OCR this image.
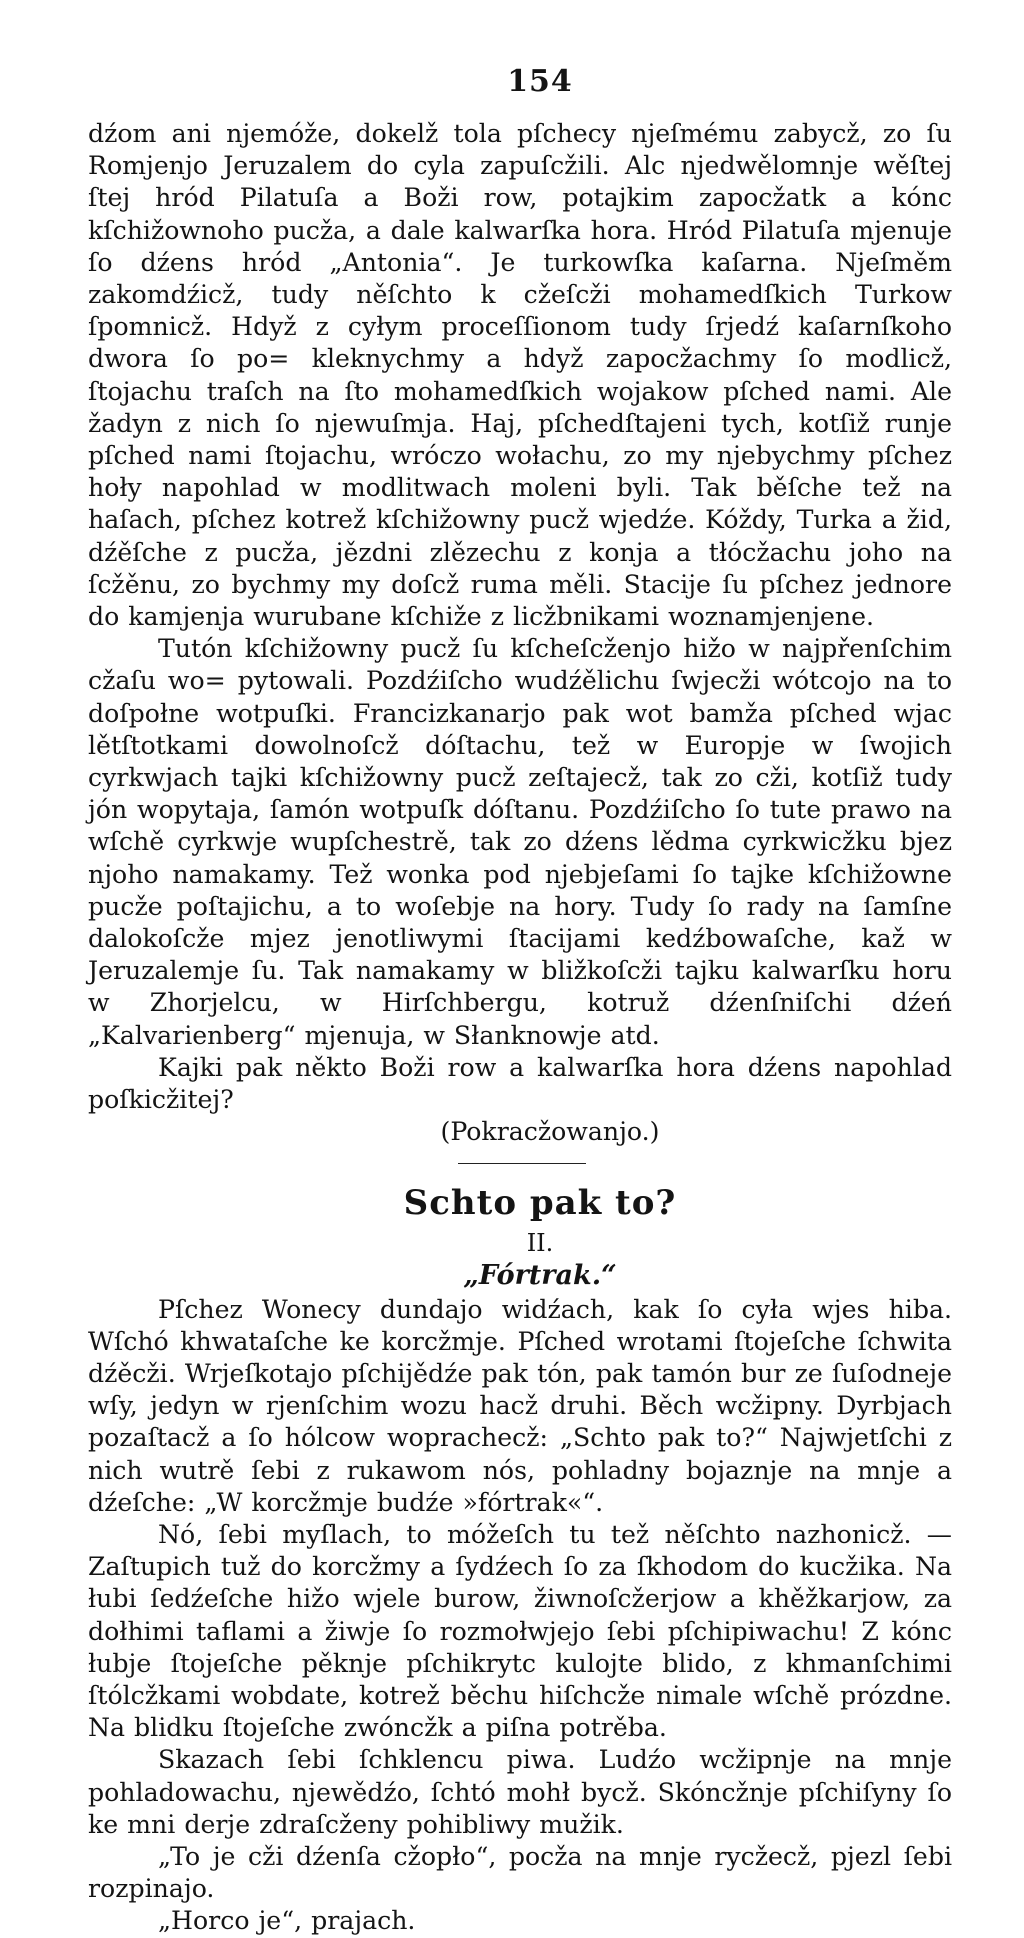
154

dźom ani njemóže, dokelž tola pſchecy njeſmému zabycž, zo ſu Romjenjo Jeruzalem do cyla zapuſcžili. Alc njedwělomnje wěſtej ſtej hród Pilatuſa a Boži row, potajkim zapocžatk a kónc kſchižownoho pucža, a dale kalwarſka hora. Hród Pilatuſa mjenuje ſo dźens hród „Antonia“. Je turkowſka kaſarna. Njeſměm zakomdźicž, tudy něſchto k cžeſcži mohamedſkich Turkow ſpomnicž. Hdyž z cyłym proceſſionom tudy ſrjedź kaſarnſkoho dwora ſo po= kleknychmy a hdyž zapocžachmy ſo modlicž, ſtojachu traſch na ſto mohamedſkich wojakow pſched nami. Ale žadyn z nich ſo njewuſmja. Haj, pſchedſtajeni tych, kotſiž runje pſched nami ſtojachu, wróczo wołachu, zo my njebychmy pſchez hoły napohlad w modlitwach moleni byli. Tak běſche tež na haſach, pſchez kotrež kſchižowny pucž wjedźe. Kóždy, Turka a žid, dźěſche z pucža, jězdni zlězechu z konja a tłócžachu joho na ſcžěnu, zo bychmy my doſcž ruma měli. Stacije ſu pſchez jednore do kamjenja wurubane kſchiže z licžbnikami woznamjenjene.

Tutón kſchižowny pucž ſu kſcheſcženjo hižo w najpřenſchim cžaſu wo= pytowali. Pozdźiſcho wudźělichu ſwjecži wótcojo na to doſpołne wotpuſki. Francizkanarjo pak wot bamža pſched wjac lětſtotkami dowolnoſcž dóſtachu, tež w Europje w ſwojich cyrkwjach tajki kſchižowny pucž zeſtajecž, tak zo cži, kotſiž tudy jón wopytaja, ſamón wotpuſk dóſtanu. Pozdźiſcho ſo tute prawo na wſchě cyrkwje wupſchestrě, tak zo dźens lědma cyrkwicžku bjez njoho namakamy. Tež wonka pod njebjeſami ſo tajke kſchižowne pucže poſtajichu, a to woſebje na hory. Tudy ſo rady na ſamſne dalokoſcže mjez jenotliwymi ſtacijami kedźbowaſche, kaž w Jeruzalemje ſu. Tak namakamy w bližkoſcži tajku kalwarſku horu w Zhorjelcu, w Hirſchbergu, kotruž dźenſniſchi dźeń „Kalvarienberg“ mjenuja, w Słanknowje atd.

Kajki pak někto Boži row a kalwarſka hora dźens napohlad poſkicžitej?

(Pokracžowanjo.)
Schto pak to?
II.
„Fórtrak.“

Pſchez Wonecy dundajo widźach, kak ſo cyła wjes hiba. Wſchó khwataſche ke korcžmje. Pſched wrotami ſtojeſche ſchwita dźěcži. Wrjeſkotajo pſchijědźe pak tón, pak tamón bur ze ſuſodneje wſy, jedyn w rjenſchim wozu hacž druhi. Běch wcžipny. Dyrbjach pozaſtacž a ſo hólcow woprachecž: „Schto pak to?“ Najwjetſchi z nich wutrě ſebi z rukawom nós, pohladny bojaznje na mnje a dźeſche: „W korcžmje budźe »fórtrak«“.

Nó, ſebi myſlach, to móžeſch tu tež něſchto nazhonicž. — Zaſtupich tuž do korcžmy a ſydźech ſo za ſkhodom do kucžika. Na łubi ſedźeſche hižo wjele burow, žiwnoſcžerjow a khěžkarjow, za dołhimi taflami a žiwje ſo rozmołwjejo ſebi pſchipiwachu! Z kónc łubje ſtojeſche pěknje pſchikrytc kulojte blido, z khmanſchimi ſtólcžkami wobdate, kotrež běchu hiſchcže nimale wſchě prózdne. Na blidku ſtojeſche zwóncžk a piſna potrěba.

Skazach ſebi ſchklencu piwa. Ludźo wcžipnje na mnje pohladowachu, njewědźo, ſchtó mohł bycž. Skóncžnje pſchiſyny ſo ke mni derje zdraſcženy pohibliwy mužik.

„To je cži dźenſa cžopło“, pocža na mnje rycžecž, pjezl ſebi rozpinajo.

„Horco je“, prajach.
